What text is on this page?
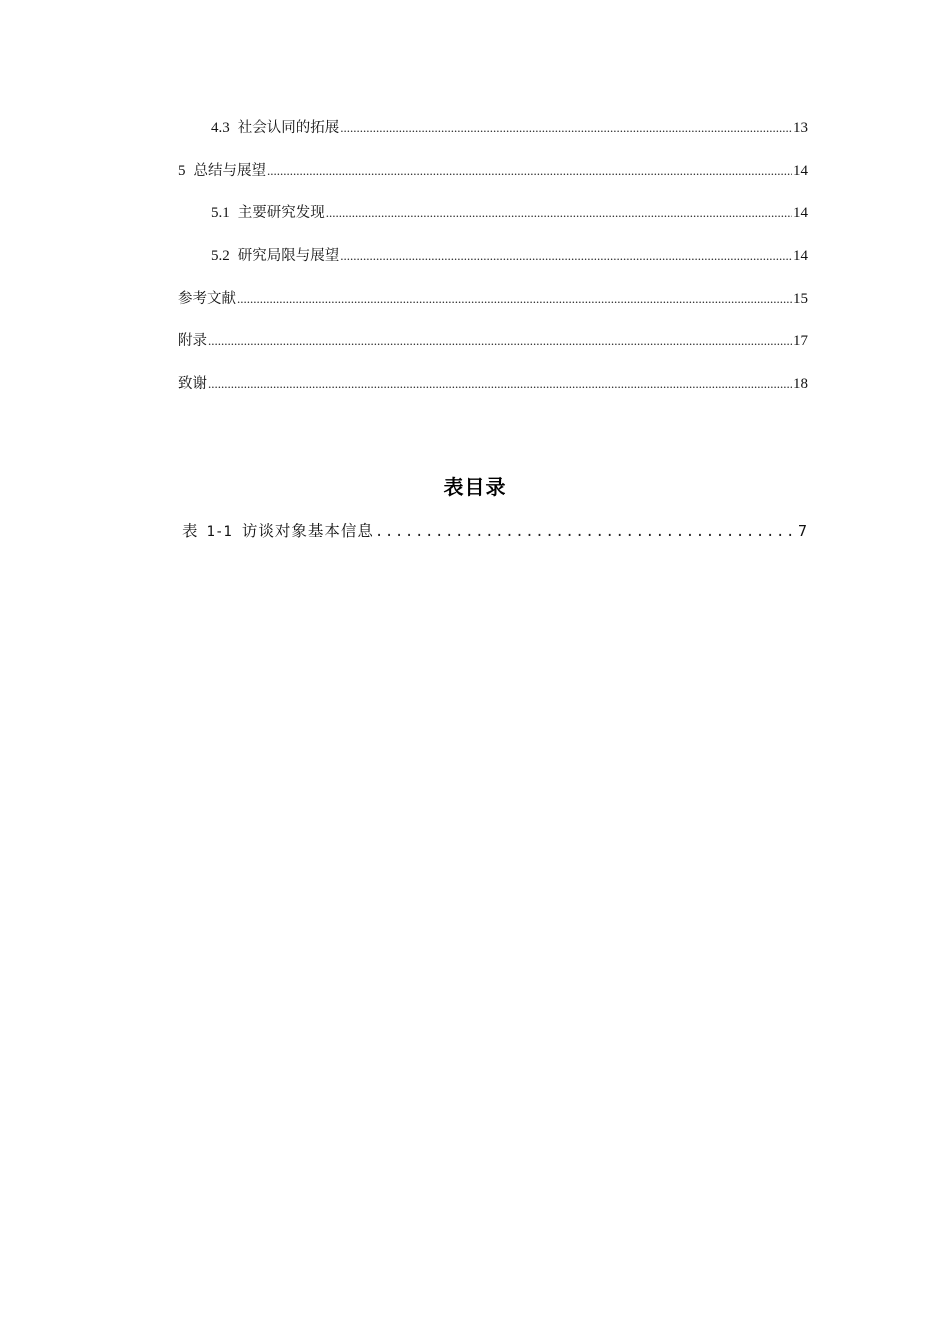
4.3 社会认同的拓展 .....	13
5 总结与展望 .....	14
5.1 主要研究发现 .....	14
5.2 研究局限与展望 .....	14
参考文献 .....	15
附录 .....	17
致谢 .....	18
表目录
表 1-1 访谈对象基本信息 .....	7
